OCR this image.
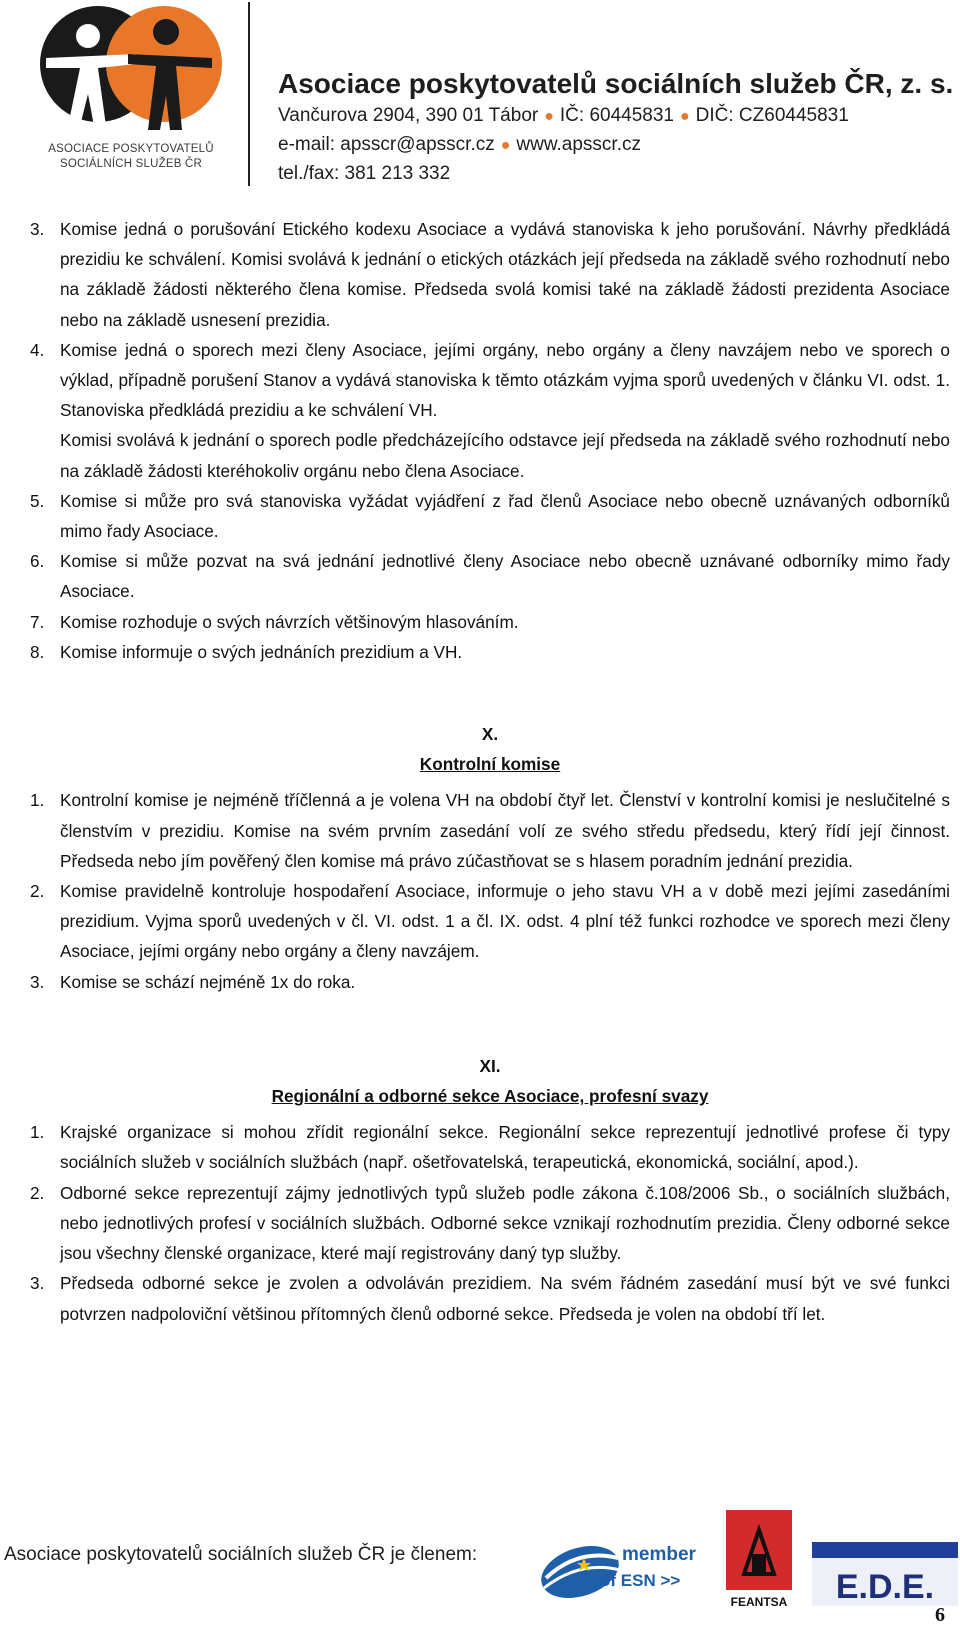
ASOCIACE POSKYTOVATELŮ
SOCIÁLNÍCH SLUŽEB ČR
Asociace poskytovatelů sociálních služeb ČR, z. s.
Vančurova 2904, 390 01 Tábor ● IČ: 60445831 ● DIČ: CZ60445831
e-mail: apsscr@apsscr.cz ● www.apsscr.cz
tel./fax: 381 213 332
3. Komise jedná o porušování Etického kodexu Asociace a vydává stanoviska k jeho porušování. Návrhy předkládá prezidiu ke schválení. Komisi svolává k jednání o etických otázkách její předseda na základě svého rozhodnutí nebo na základě žádosti některého člena komise. Předseda svolá komisi také na základě žádosti prezidenta Asociace nebo na základě usnesení prezidia.
4. Komise jedná o sporech mezi členy Asociace, jejími orgány, nebo orgány a členy navzájem nebo ve sporech o výklad, případně porušení Stanov a vydává stanoviska k těmto otázkám vyjma sporů uvedených v článku VI. odst. 1. Stanoviska předkládá prezidiu a ke schválení VH.
Komisi svolává k jednání o sporech podle předcházejícího odstavce její předseda na základě svého rozhodnutí nebo na základě žádosti kteréhokoliv orgánu nebo člena Asociace.
5. Komise si může pro svá stanoviska vyžádat vyjádření z řad členů Asociace nebo obecně uznávaných odborníků mimo řady Asociace.
6. Komise si může pozvat na svá jednání jednotlivé členy Asociace nebo obecně uznávané odborníky mimo řady Asociace.
7. Komise rozhoduje o svých návrzích většinovým hlasováním.
8. Komise informuje o svých jednáních prezidium a VH.
X.
Kontrolní komise
1. Kontrolní komise je nejméně tříčlenná a je volena VH na období čtyř let. Členství v kontrolní komisi je neslučitelné s členstvím v prezidiu. Komise na svém prvním zasedání volí ze svého středu předsedu, který řídí její činnost. Předseda nebo jím pověřený člen komise má právo zúčastňovat se s hlasem poradním jednání prezidia.
2. Komise pravidelně kontroluje hospodaření Asociace, informuje o jeho stavu VH a v době mezi jejími zasedáními prezidium. Vyjma sporů uvedených v čl. VI. odst. 1 a čl. IX. odst. 4 plní též funkci rozhodce ve sporech mezi členy Asociace, jejími orgány nebo orgány a členy navzájem.
3. Komise se schází nejméně 1x do roka.
XI.
Regionální a odborné sekce Asociace, profesní svazy
1. Krajské organizace si mohou zřídit regionální sekce. Regionální sekce reprezentují jednotlivé profese či typy sociálních služeb v sociálních službách (např. ošetřovatelská, terapeutická, ekonomická, sociální, apod.).
2. Odborné sekce reprezentují zájmy jednotlivých typů služeb podle zákona č.108/2006 Sb., o sociálních službách, nebo jednotlivých profesí v sociálních službách. Odborné sekce vznikají rozhodnutím prezidia. Členy odborné sekce jsou všechny členské organizace, které mají registrovány daný typ služby.
3. Předseda odborné sekce je zvolen a odvoláván prezidiem. Na svém řádném zasedání musí být ve své funkci potvrzen nadpoloviční většinou přítomných členů odborné sekce. Předseda je volen na období tří let.
Asociace poskytovatelů sociálních služeb ČR je členem:	member
of ESN >>
FEANTSA E.D.E.
6
